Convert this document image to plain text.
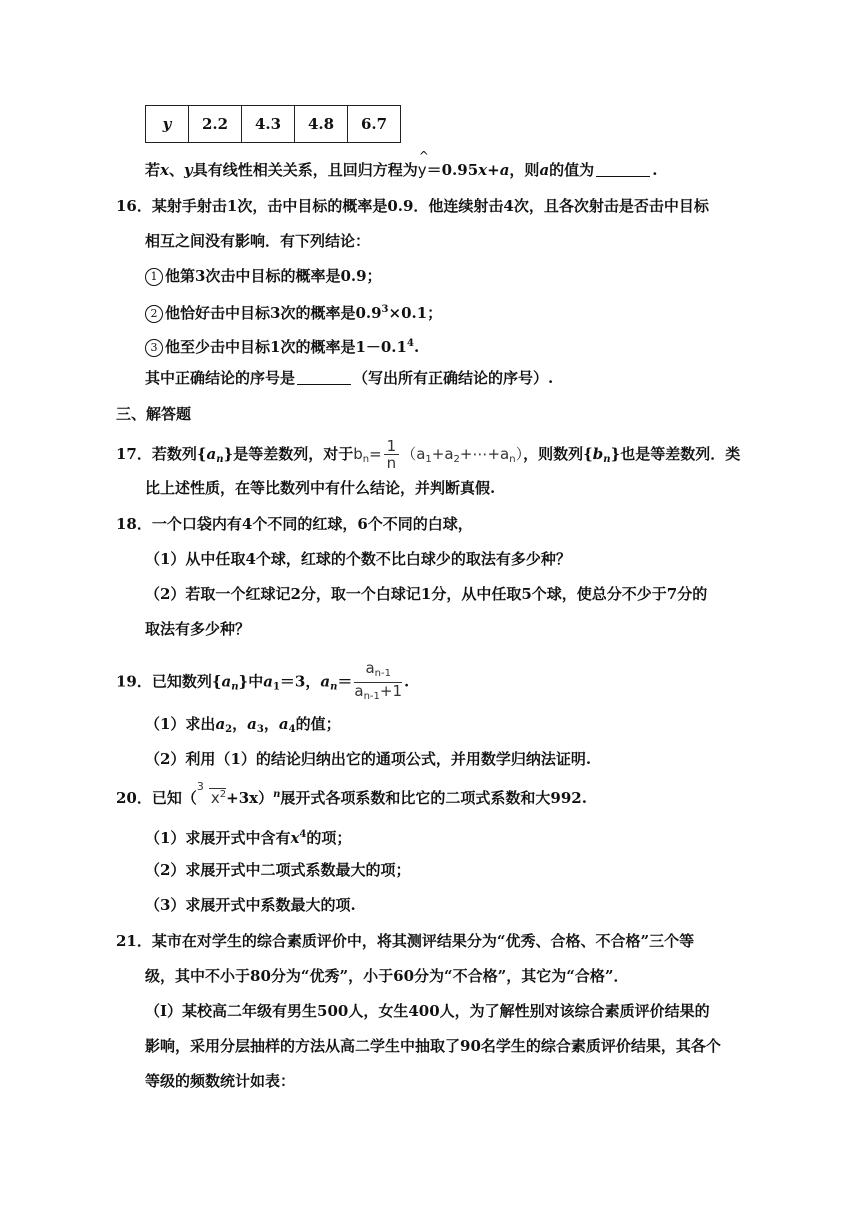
y	2.2	4.3	4.8	6.7
若x、y具有线性相关关系，且回归方程为^ y＝0.95x+a，则a的值为	.
16．某射手射击1次，击中目标的概率是0.9．他连续射击4次，且各次射击是否击中目标
相互之间没有影响．有下列结论：
1 他第3次击中目标的概率是0.9；
2 他恰好击中目标3次的概率是$0.9^3\times 0.1$；
3 他至少击中目标1次的概率是$1-0.1^4$.
其中正确结论的序号是	（写出所有正确结论的序号）.
三、解答题
17．若数列$\{a_n\}$是等差数列，对于$b_n= \frac{1}{n}$ $(a_1+a_2+\cdots+a_n)$，则数列$\{b_n\}$也是等差数列．类
比上述性质，在等比数列中有什么结论，并判断真假.
18．一个口袋内有4个不同的红球，6个不同的白球，
（1）从中任取4个球，红球的个数不比白球少的取法有多少种？
（2）若取一个红球记2分，取一个白球记1分，从中任取5个球，使总分不少于7分的
取法有多少种？
19．已知数列$\{a_n\}$中$a_1=3$，$a_n= \frac{a_{n-1}}{a_{n-1}+1}$ .
（1）求出$a_2$，$a_3$，$a_4$的值；
（2）利用（1）的结论归纳出它的通项公式，并用数学归纳法证明.
20．已知（
3
$x^2+3x)^n$展开式各项系数和比它的二项式系数和大992.
（1）求展开式中含有$x^4$的项；
（2）求展开式中二项式系数最大的项；
（3）求展开式中系数最大的项.
21．某市在对学生的综合素质评价中，将其测评结果分为“优秀、合格、不合格”三个等
级，其中不小于80分为“优秀”，小于60分为“不合格”，其它为“合格”．
（Ⅰ）某校高二年级有男生500人，女生400人，为了解性别对该综合素质评价结果的
影响，采用分层抽样的方法从高二学生中抽取了90名学生的综合素质评价结果，其各个
等级的频数统计如表：
